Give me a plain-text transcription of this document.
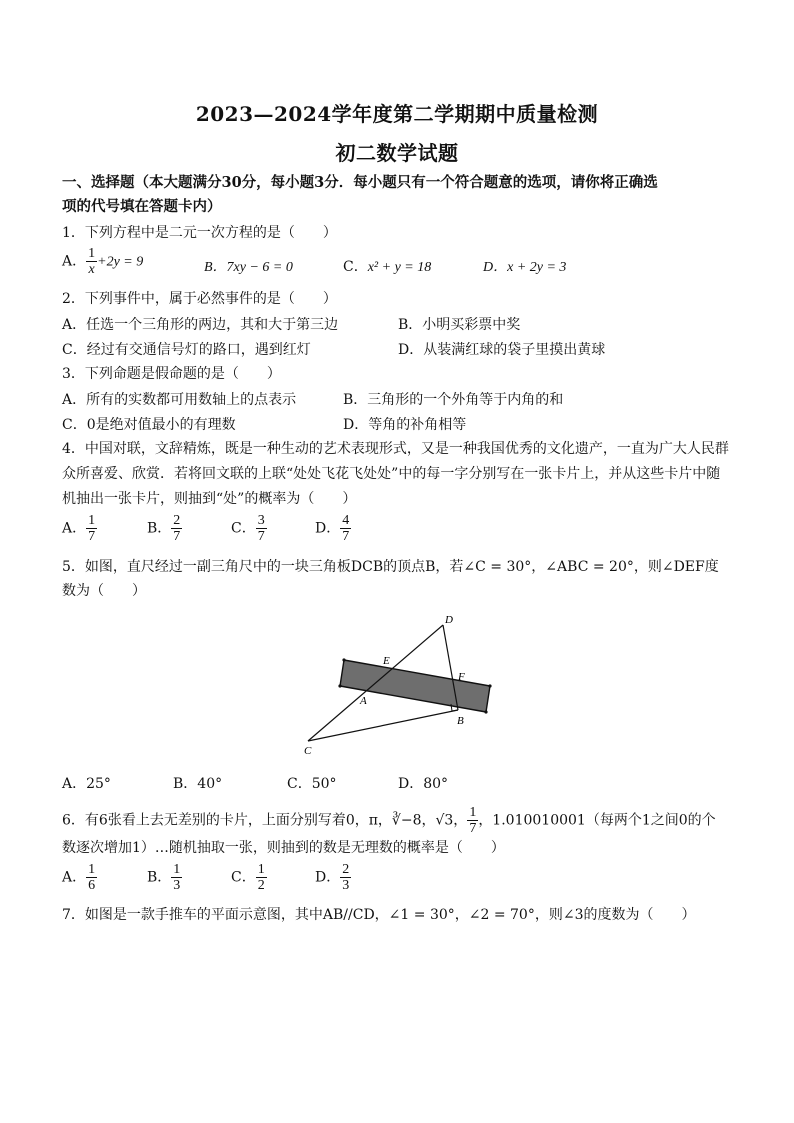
2023—2024学年度第二学期期中质量检测
初二数学试题
一、选择题（本大题满分30分，每小题3分．每小题只有一个符合题意的选项，请你将正确选
项的代号填在答题卡内）
1．下列方程中是二元一次方程的是（　　）
A． $\frac{1}{x} +2y = 9$	B．7xy − 6 = 0	C．x² + y = 18	D．x + 2y = 3
2．下列事件中，属于必然事件的是（　　）
A．任选一个三角形的两边，其和大于第三边	B．小明买彩票中奖
C．经过有交通信号灯的路口，遇到红灯	D．从装满红球的袋子里摸出黄球
3．下列命题是假命题的是（　　）
A．所有的实数都可用数轴上的点表示	B．三角形的一个外角等于内角的和
C．0是绝对值最小的有理数	D．等角的补角相等
4．中国对联，文辞精炼，既是一种生动的艺术表现形式，又是一种我国优秀的文化遗产，一直为广大人民群
众所喜爱、欣赏．若将回文联的上联“处处飞花飞处处”中的每一字分别写在一张卡片上，并从这些卡片中随
机抽出一张卡片，则抽到“处”的概率为（　　）
A． $\frac{1}{7}$	B． $\frac{2}{7}$	C． $\frac{3}{7}$	D． $\frac{4}{7}$
5．如图，直尺经过一副三角尺中的一块三角板DCB的顶点B，若∠C = 30°，∠ABC = 20°，则∠DEF度
数为（　　）
D
E
F
A
B
C
A．25°	B．40°	C．50°	D．80°
6．有6张看上去无差别的卡片，上面分别写着0，π，∛−8，√3， $\frac{1}{7}$ ，1.010010001（每两个1之间0的个
数逐次增加1）…随机抽取一张，则抽到的数是无理数的概率是（　　）
A． $\frac{1}{6}$	B． $\frac{1}{3}$	C． $\frac{1}{2}$	D． $\frac{2}{3}$
7．如图是一款手推车的平面示意图，其中AB//CD，∠1 = 30°，∠2 = 70°，则∠3的度数为（　　）
